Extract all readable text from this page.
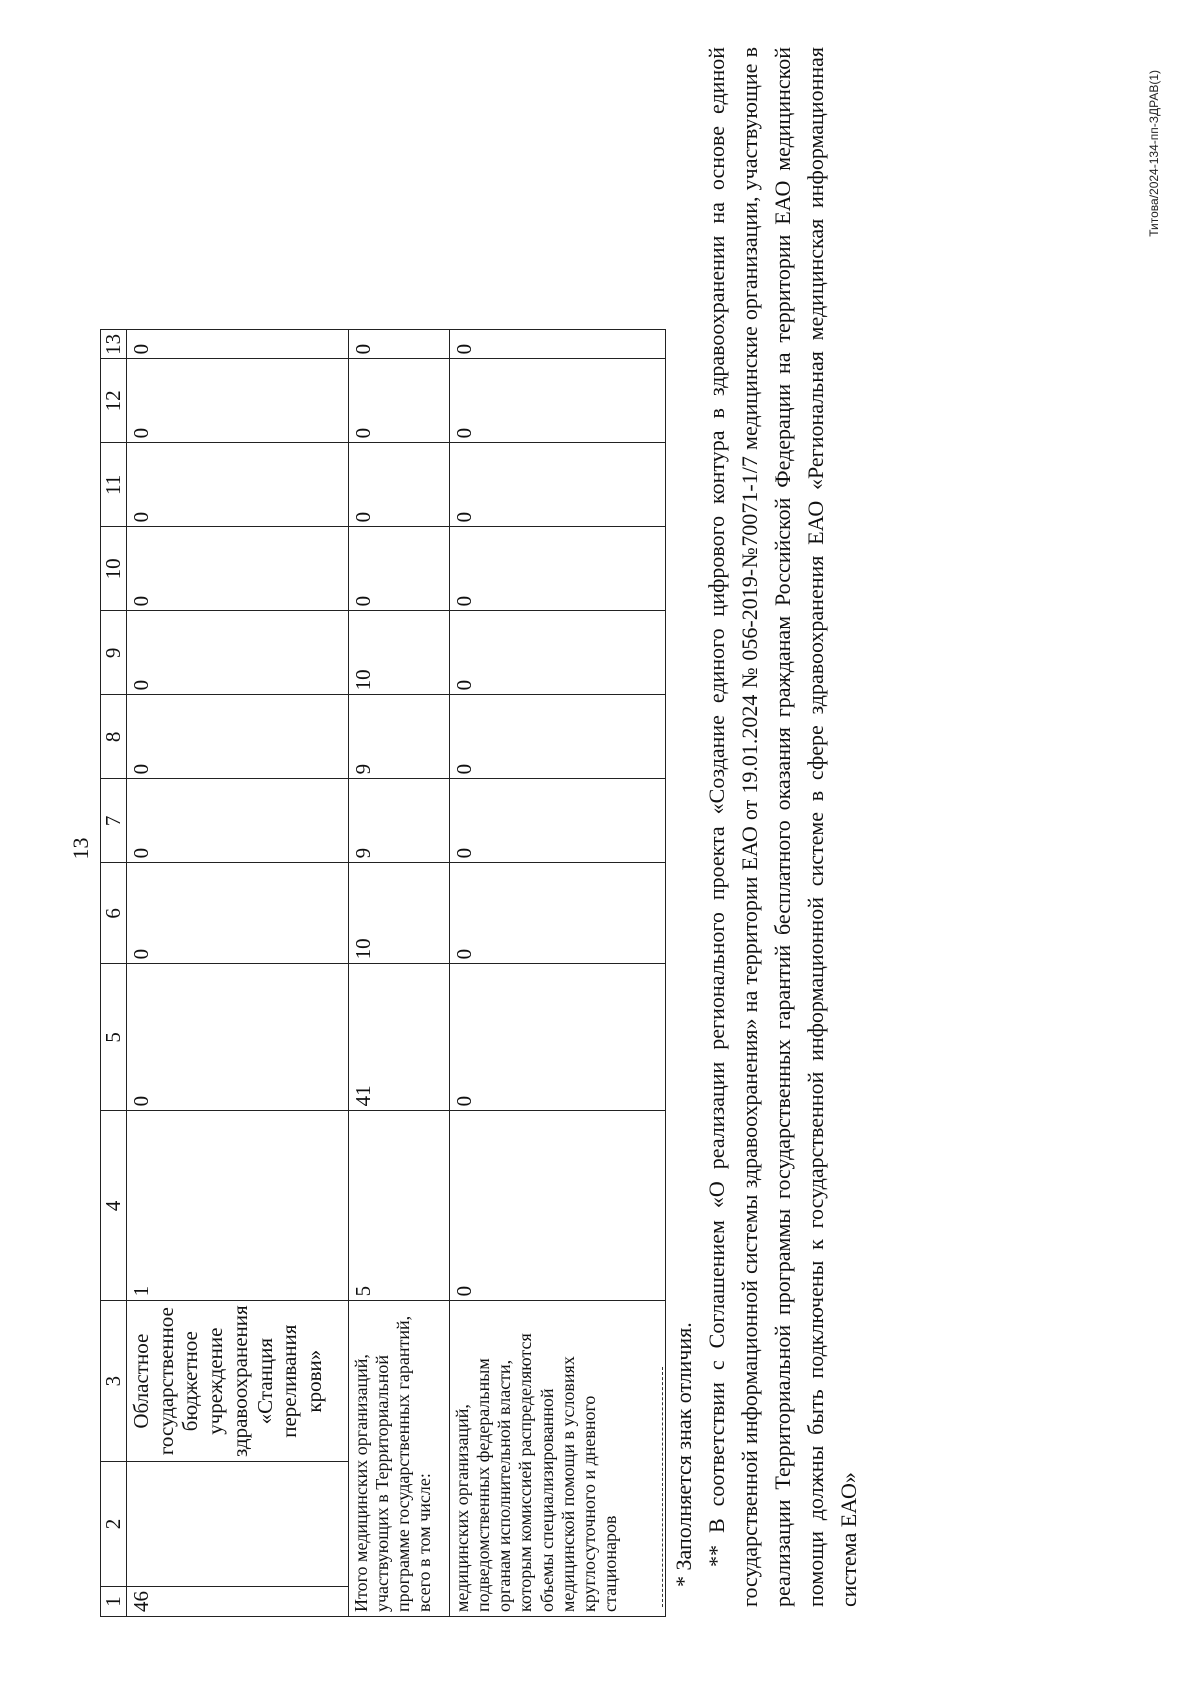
13
1	2	3	4	5	6	7	8	9	10	11	12	13
46		Областное государственное бюджетное учреждение здравоохранения «Станция переливания крови»	1	0	0	0	0	0	0	0	0	0
Итого медицинских организаций, участвующих в Территориальной программе государственных гарантий, всего в том числе:			5	41	10	9	9	10	0	0	0	0
медицинских организаций, подведомственных федеральным органам исполнительной власти, которым комиссией распределяются объемы специализированной медицинской помощи в условиях круглосуточного и дневного стационаров			0	0	0	0	0	0	0	0	0	0
* Заполняется знак отличия. ** В соответствии с Соглашением «О реализации регионального проекта «Создание единого цифрового контура в здравоохранении на основе единой государственной информационной системы здравоохранения» на территории ЕАО от 19.01.2024 № 056-2019-№70071-1/7 медицинские организации, участвующие в реализации Территориальной программы государственных гарантий бесплатного оказания гражданам Российской Федерации на территории ЕАО медицинской помощи должны быть подключены к государственной информационной системе в сфере здравоохранения ЕАО «Региональная медицинская информационная система ЕАО»
Титова/2024-134-пп-ЗДРАВ(1)
